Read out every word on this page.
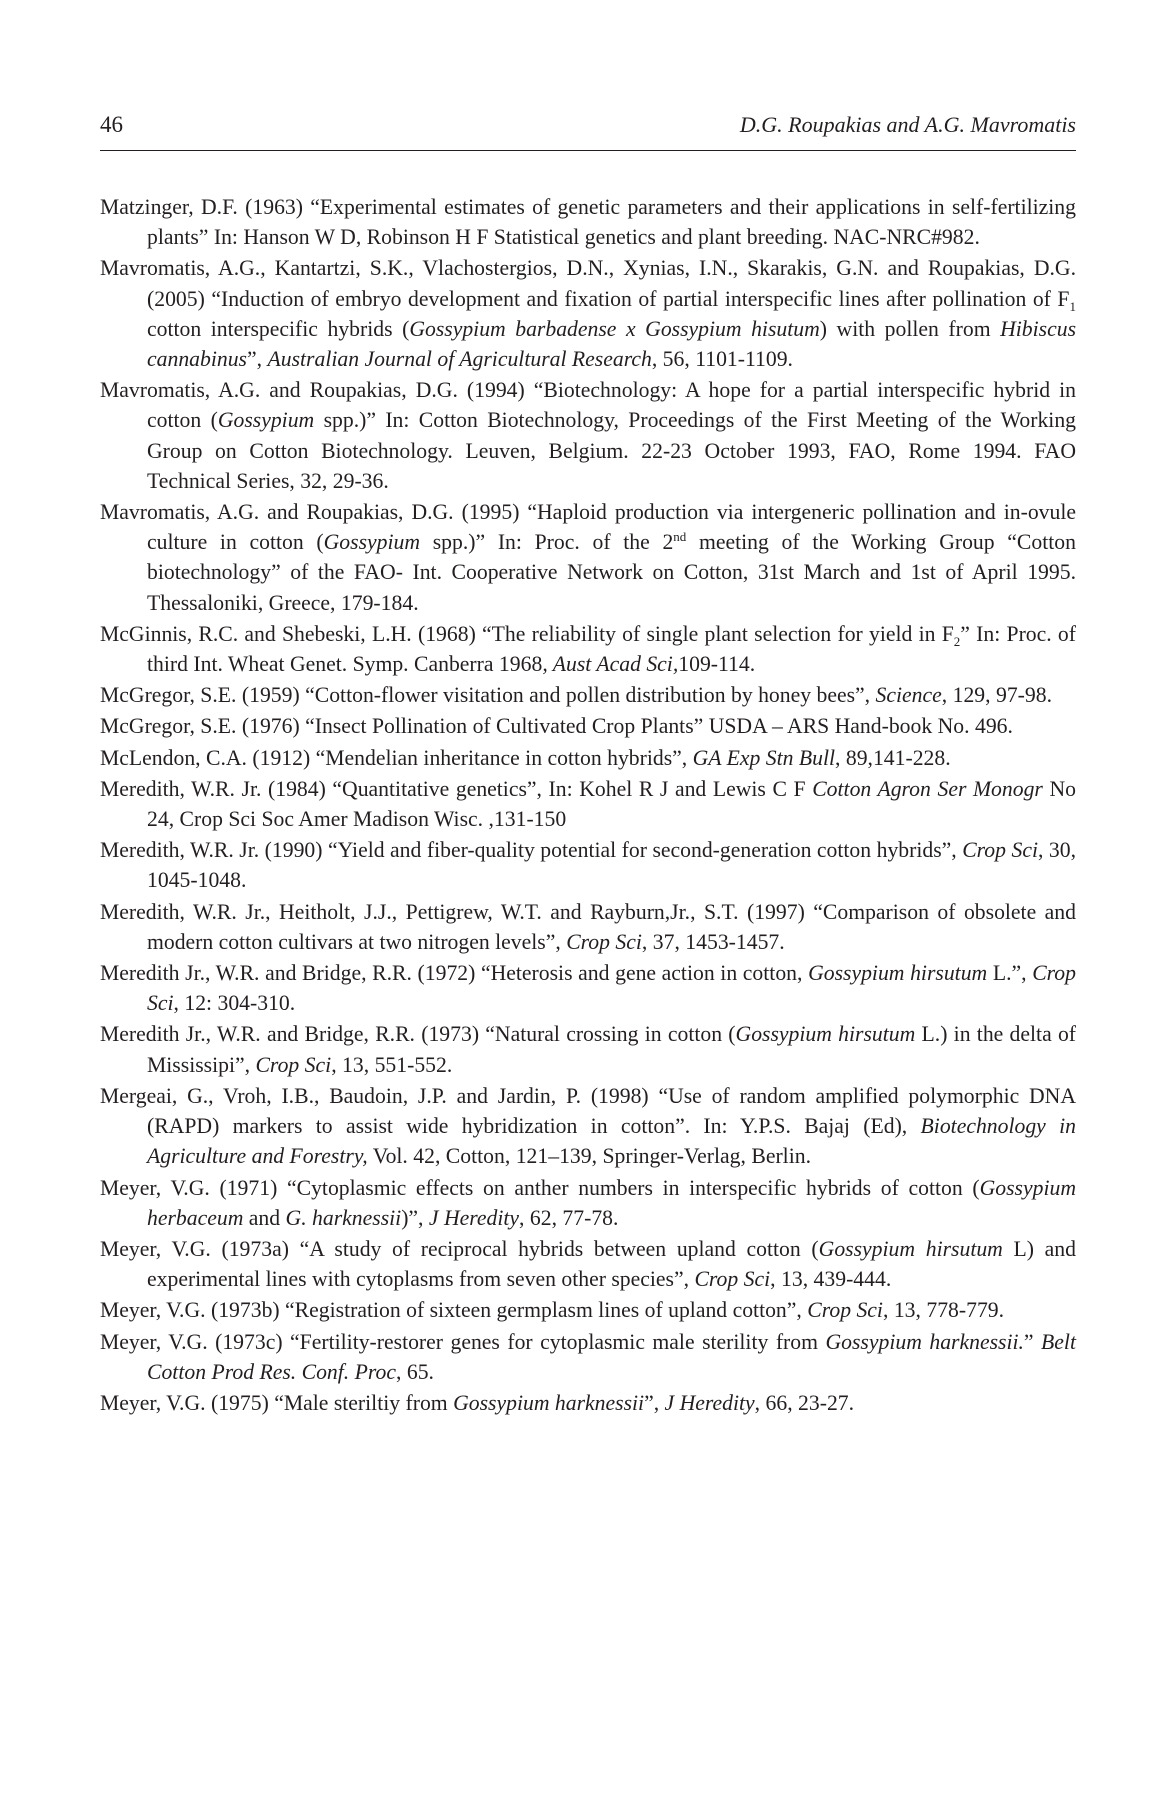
46	D.G. Roupakias and A.G. Mavromatis

Matzinger, D.F. (1963) “Experimental estimates of genetic parameters and their applications in self-fertilizing plants” In: Hanson W D, Robinson H F Statistical genetics and plant breeding. NAC-NRC#982.

Mavromatis, A.G., Kantartzi, S.K., Vlachostergios, D.N., Xynias, I.N., Skarakis, G.N. and Roupakias, D.G. (2005) “Induction of embryo development and fixation of partial interspecific lines after pollination of $F_1$ cotton interspecific hybrids (Gossypium barbadense x Gossypium hisutum) with pollen from Hibiscus cannabinus”, Australian Journal of Agricultural Research, 56, 1101-1109.

Mavromatis, A.G. and Roupakias, D.G. (1994) “Biotechnology: A hope for a partial interspecific hybrid in cotton (Gossypium spp.)” In: Cotton Biotechnology, Proceedings of the First Meeting of the Working Group on Cotton Biotechnology. Leuven, Belgium. 22-23 October 1993, FAO, Rome 1994. FAO Technical Series, 32, 29-36.

Mavromatis, A.G. and Roupakias, D.G. (1995) “Haploid production via intergeneric pollination and in-ovule culture in cotton (Gossypium spp.)” In: Proc. of the 2nd meeting of the Working Group “Cotton biotechnology” of the FAO- Int. Cooperative Network on Cotton, 31st March and 1st of April 1995. Thessaloniki, Greece, 179-184.

McGinnis, R.C. and Shebeski, L.H. (1968) “The reliability of single plant selection for yield in $F_2$” In: Proc. of third Int. Wheat Genet. Symp. Canberra 1968, Aust Acad Sci,109-114.

McGregor, S.E. (1959) “Cotton-flower visitation and pollen distribution by honey bees”, Science, 129, 97-98.

McGregor, S.E. (1976) “Insect Pollination of Cultivated Crop Plants” USDA – ARS Hand-book No. 496.

McLendon, C.A. (1912) “Mendelian inheritance in cotton hybrids”, GA Exp Stn Bull, 89,141-228.

Meredith, W.R. Jr. (1984) “Quantitative genetics”, In: Kohel R J and Lewis C F Cotton Agron Ser Monogr No 24, Crop Sci Soc Amer Madison Wisc. ,131-150

Meredith, W.R. Jr. (1990) “Yield and fiber-quality potential for second-generation cotton hybrids”, Crop Sci, 30, 1045-1048.

Meredith, W.R. Jr., Heitholt, J.J., Pettigrew, W.T. and Rayburn,Jr., S.T. (1997) “Comparison of obsolete and modern cotton cultivars at two nitrogen levels”, Crop Sci, 37, 1453-1457.

Meredith Jr., W.R. and Bridge, R.R. (1972) “Heterosis and gene action in cotton, Gossypium hirsutum L.”, Crop Sci, 12: 304-310.

Meredith Jr., W.R. and Bridge, R.R. (1973) “Natural crossing in cotton (Gossypium hirsutum L.) in the delta of Mississipi”, Crop Sci, 13, 551-552.

Mergeai, G., Vroh, I.B., Baudoin, J.P. and Jardin, P. (1998) “Use of random amplified polymorphic DNA (RAPD) markers to assist wide hybridization in cotton”. In: Y.P.S. Bajaj (Ed), Biotechnology in Agriculture and Forestry, Vol. 42, Cotton, 121–139, Springer-Verlag, Berlin.

Meyer, V.G. (1971) “Cytoplasmic effects on anther numbers in interspecific hybrids of cotton (Gossypium herbaceum and G. harknessii)”, J Heredity, 62, 77-78.

Meyer, V.G. (1973a) “A study of reciprocal hybrids between upland cotton (Gossypium hirsutum L) and experimental lines with cytoplasms from seven other species”, Crop Sci, 13, 439-444.

Meyer, V.G. (1973b) “Registration of sixteen germplasm lines of upland cotton”, Crop Sci, 13, 778-779.

Meyer, V.G. (1973c) “Fertility-restorer genes for cytoplasmic male sterility from Gossypium harknessii.” Belt Cotton Prod Res. Conf. Proc, 65.

Meyer, V.G. (1975) “Male steriltiy from Gossypium harknessii”, J Heredity, 66, 23-27.
